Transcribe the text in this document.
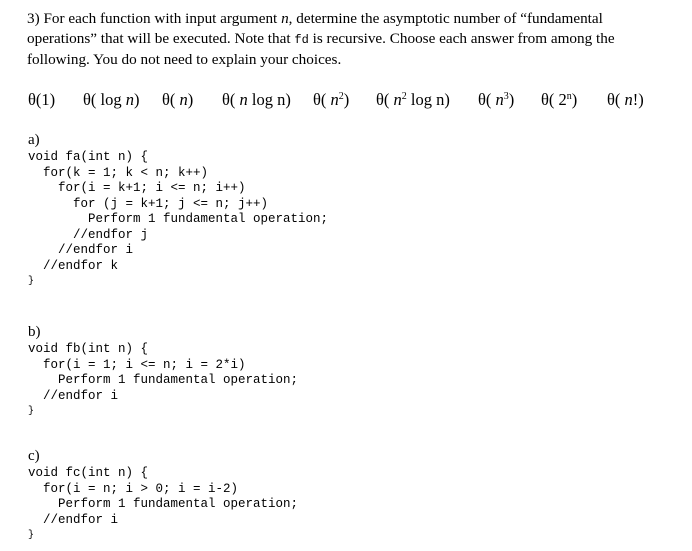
3) For each function with input argument n, determine the asymptotic number of “fundamental operations” that will be executed. Note that fd is recursive. Choose each answer from among the following. You do not need to explain your choices.
θ(1) θ( log n) θ( n) θ( n log n) θ( $n^2$) θ( $n^2$ log n) θ( $n^3$) θ( 2$^n$) θ( n!)
a)
void fa(int n) {
for(k = 1; k < n; k++)
for(i = k+1; i <= n; i++)
for (j = k+1; j <= n; j++)
Perform 1 fundamental operation;
//endfor j
//endfor i
//endfor k
}
b)
void fb(int n) {
for(i = 1; i <= n; i = 2*i)
Perform 1 fundamental operation;
//endfor i
}
c)
void fc(int n) {
for(i = n; i > 0; i = i-2)
Perform 1 fundamental operation;
//endfor i
}
